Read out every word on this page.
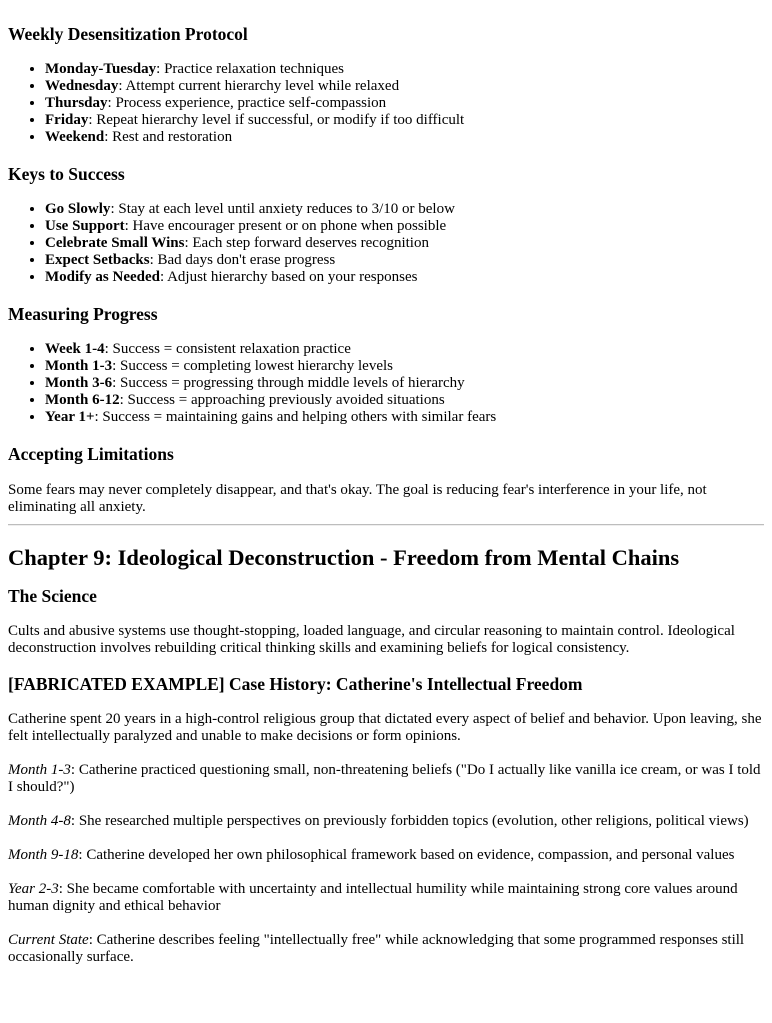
Weekly Desensitization Protocol
• Monday-Tuesday: Practice relaxation techniques
• Wednesday: Attempt current hierarchy level while relaxed
• Thursday: Process experience, practice self-compassion
• Friday: Repeat hierarchy level if successful, or modify if too difficult
• Weekend: Rest and restoration
Keys to Success
• Go Slowly: Stay at each level until anxiety reduces to 3/10 or below
• Use Support: Have encourager present or on phone when possible
• Celebrate Small Wins: Each step forward deserves recognition
• Expect Setbacks: Bad days don't erase progress
• Modify as Needed: Adjust hierarchy based on your responses
Measuring Progress
• Week 1-4: Success = consistent relaxation practice
• Month 1-3: Success = completing lowest hierarchy levels
• Month 3-6: Success = progressing through middle levels of hierarchy
• Month 6-12: Success = approaching previously avoided situations
• Year 1+: Success = maintaining gains and helping others with similar fears
Accepting Limitations

Some fears may never completely disappear, and that's okay. The goal is reducing fear's interference in your life, not eliminating all anxiety.

Chapter 9: Ideological Deconstruction - Freedom from Mental Chains
The Science

Cults and abusive systems use thought-stopping, loaded language, and circular reasoning to maintain control. Ideological deconstruction involves rebuilding critical thinking skills and examining beliefs for logical consistency.

[FABRICATED EXAMPLE] Case History: Catherine's Intellectual Freedom

Catherine spent 20 years in a high-control religious group that dictated every aspect of belief and behavior. Upon leaving, she felt intellectually paralyzed and unable to make decisions or form opinions.

Month 1-3: Catherine practiced questioning small, non-threatening beliefs ("Do I actually like vanilla ice cream, or was I told I should?")

Month 4-8: She researched multiple perspectives on previously forbidden topics (evolution, other religions, political views)

Month 9-18: Catherine developed her own philosophical framework based on evidence, compassion, and personal values

Year 2-3: She became comfortable with uncertainty and intellectual humility while maintaining strong core values around human dignity and ethical behavior

Current State: Catherine describes feeling "intellectually free" while acknowledging that some programmed responses still occasionally surface.
